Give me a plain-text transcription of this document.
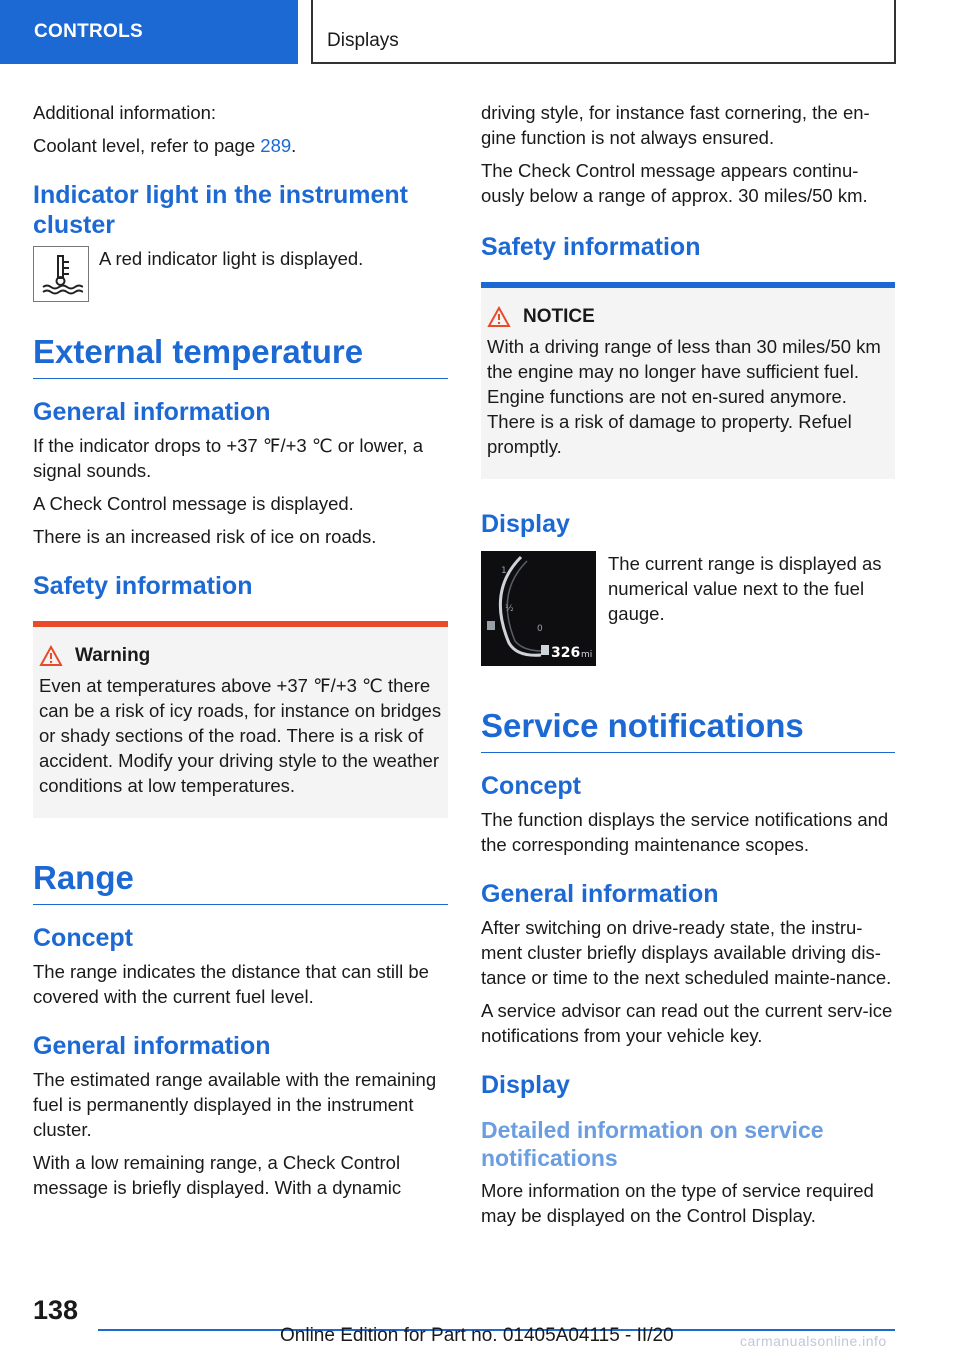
CONTROLS	Displays

Additional information:

Coolant level, refer to page 289.

Indicator light in the instrument cluster

A red indicator light is displayed.

External temperature
General information

If the indicator drops to +37 ℉/+3 ℃ or lower, a signal sounds.

A Check Control message is displayed.

There is an increased risk of ice on roads.

Safety information
Warning

Even at temperatures above +37 ℉/+3 ℃ there can be a risk of icy roads, for instance on bridges or shady sections of the road. There is a risk of accident. Modify your driving style to the weather conditions at low temperatures.

Range
Concept

The range indicates the distance that can still be covered with the current fuel level.

General information

The estimated range available with the remaining fuel is permanently displayed in the instrument cluster.

With a low remaining range, a Check Control message is briefly displayed. With a dynamic

driving style, for instance fast cornering, the en‐gine function is not always ensured.

The Check Control message appears continu‐ously below a range of approx. 30 miles/50 km.

Safety information
NOTICE

With a driving range of less than 30 miles/50 km the engine may no longer have sufficient fuel. Engine functions are not en‐sured anymore. There is a risk of damage to property. Refuel promptly.

Display
1
½
0
326 mi

The current range is displayed as numerical value next to the fuel gauge.

Service notifications
Concept

The function displays the service notifications and the corresponding maintenance scopes.

General information

After switching on drive-ready state, the instru‐ment cluster briefly displays available driving dis‐tance or time to the next scheduled mainte‐nance.

A service advisor can read out the current serv‐ice notifications from your vehicle key.

Display
Detailed information on service notifications

More information on the type of service required may be displayed on the Control Display.

138
Online Edition for Part no. 01405A04115 - II/20	carmanualsonline.info
